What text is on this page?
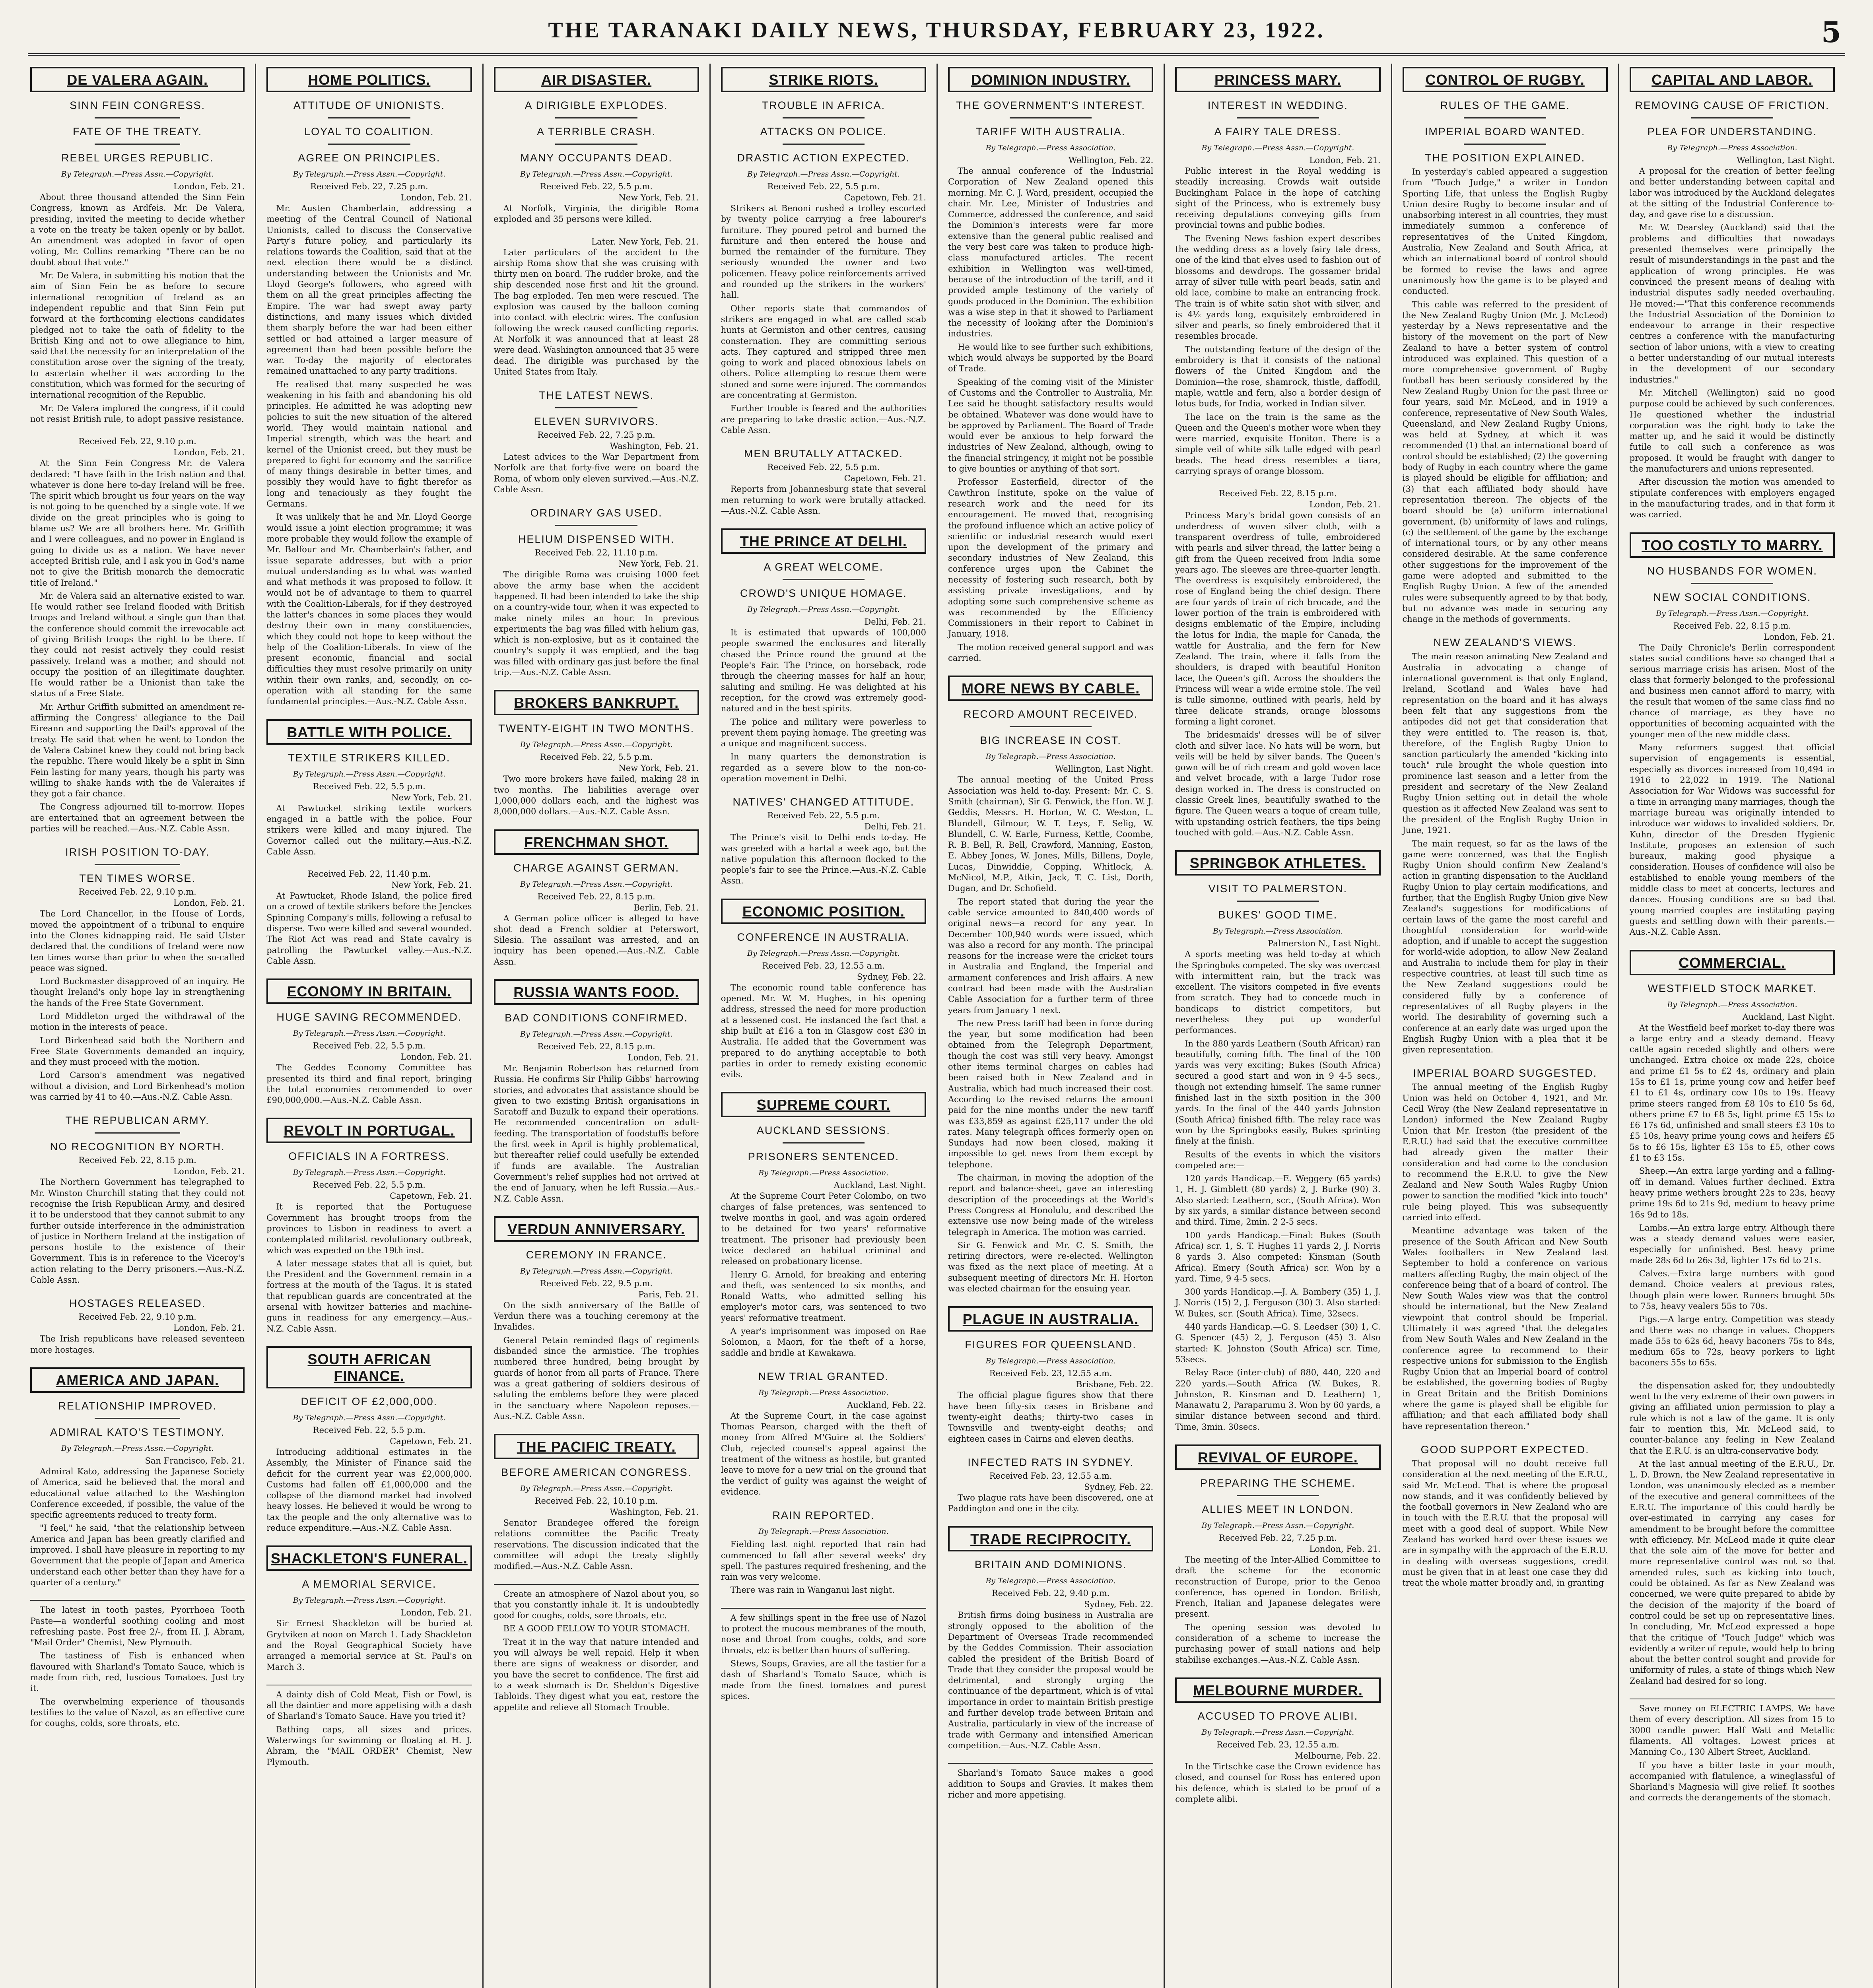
THE TARANAKI DAILY NEWS, THURSDAY, FEBRUARY 23, 1922.	5
DE VALERA AGAIN.
SINN FEIN CONGRESS.
FATE OF THE TREATY.
REBEL URGES REPUBLIC.
By Telegraph.—Press Assn.—Copyright.
London, Feb. 21.

About three thousand attended the Sinn Fein Congress, known as Ardfeis. Mr. De Valera, presiding, invited the meeting to decide whether a vote on the treaty be taken openly or by ballot. An amendment was adopted in favor of open voting, Mr. Collins remarking "There can be no doubt about that vote."

Mr. De Valera, in submitting his motion that the aim of Sinn Fein be as before to secure international recognition of Ireland as an independent republic and that Sinn Fein put forward at the forthcoming elections candidates pledged not to take the oath of fidelity to the British King and not to owe allegiance to him, said that the necessity for an interpretation of the constitution arose over the signing of the treaty, to ascertain whether it was according to the constitution, which was formed for the securing of international recognition of the Republic.

Mr. De Valera implored the congress, if it could not resist British rule, to adopt passive resistance.

Received Feb. 22, 9.10 p.m.
London, Feb. 21.

At the Sinn Fein Congress Mr. de Valera declared: "I have faith in the Irish nation and that whatever is done here to-day Ireland will be free. The spirit which brought us four years on the way is not going to be quenched by a single vote. If we divide on the great principles who is going to blame us? We are all brothers here. Mr. Griffith and I were colleagues, and no power in England is going to divide us as a nation. We have never accepted British rule, and I ask you in God's name not to give the British monarch the democratic title of Ireland."

Mr. de Valera said an alternative existed to war. He would rather see Ireland flooded with British troops and Ireland without a single gun than that the conference should commit the irrevocable act of giving British troops the right to be there. If they could not resist actively they could resist passively. Ireland was a mother, and should not occupy the position of an illegitimate daughter. He would rather be a Unionist than take the status of a Free State.

Mr. Arthur Griffith submitted an amendment re-affirming the Congress' allegiance to the Dail Eireann and supporting the Dail's approval of the treaty. He said that when he went to London the de Valera Cabinet knew they could not bring back the republic. There would likely be a split in Sinn Fein lasting for many years, though his party was willing to shake hands with the de Valeraites if they got a fair chance.

The Congress adjourned till to-morrow. Hopes are entertained that an agreement between the parties will be reached.—Aus.-N.Z. Cable Assn.

IRISH POSITION TO-DAY.
TEN TIMES WORSE.
Received Feb. 22, 9.10 p.m.
London, Feb. 21.

The Lord Chancellor, in the House of Lords, moved the appointment of a tribunal to enquire into the Clones kidnapping raid. He said Ulster declared that the conditions of Ireland were now ten times worse than prior to when the so-called peace was signed.

Lord Buckmaster disapproved of an inquiry. He thought Ireland's only hope lay in strengthening the hands of the Free State Government.

Lord Middleton urged the withdrawal of the motion in the interests of peace.

Lord Birkenhead said both the Northern and Free State Governments demanded an inquiry, and they must proceed with the motion.

Lord Carson's amendment was negatived without a division, and Lord Birkenhead's motion was carried by 41 to 40.—Aus.-N.Z. Cable Assn.

THE REPUBLICAN ARMY.
NO RECOGNITION BY NORTH.
Received Feb. 22, 8.15 p.m.
London, Feb. 21.

The Northern Government has telegraphed to Mr. Winston Churchill stating that they could not recognise the Irish Republican Army, and desired it to be understood that they cannot submit to any further outside interference in the administration of justice in Northern Ireland at the instigation of persons hostile to the existence of their Government. This is in reference to the Viceroy's action relating to the Derry prisoners.—Aus.-N.Z. Cable Assn.

HOSTAGES RELEASED.
Received Feb. 22, 9.10 p.m.
London, Feb. 21.

The Irish republicans have released seventeen more hostages.

AMERICA AND JAPAN.
RELATIONSHIP IMPROVED.
ADMIRAL KATO'S TESTIMONY.
By Telegraph.—Press Assn.—Copyright.
San Francisco, Feb. 21.

Admiral Kato, addressing the Japanese Society of America, said he believed that the moral and educational value attached to the Washington Conference exceeded, if possible, the value of the specific agreements reduced to treaty form.

"I feel," he said, "that the relationship between America and Japan has been greatly clarified and improved. I shall have pleasure in reporting to my Government that the people of Japan and America understand each other better than they have for a quarter of a century."

The latest in tooth pastes, Pyorrhoea Tooth Paste—a wonderful soothing cooling and most refreshing paste. Post free 2/-, from H. J. Abram, "Mail Order" Chemist, New Plymouth.

The tastiness of Fish is enhanced when flavoured with Sharland's Tomato Sauce, which is made from rich, red, luscious Tomatoes. Just try it.

The overwhelming experience of thousands testifies to the value of Nazol, as an effective cure for coughs, colds, sore throats, etc.

HOME POLITICS.
ATTITUDE OF UNIONISTS.
LOYAL TO COALITION.
AGREE ON PRINCIPLES.
By Telegraph.—Press Assn.—Copyright.
Received Feb. 22, 7.25 p.m.
London, Feb. 21.

Mr. Austen Chamberlain, addressing a meeting of the Central Council of National Unionists, called to discuss the Conservative Party's future policy, and particularly its relations towards the Coalition, said that at the next election there would be a distinct understanding between the Unionists and Mr. Lloyd George's followers, who agreed with them on all the great principles affecting the Empire. The war had swept away party distinctions, and many issues which divided them sharply before the war had been either settled or had attained a larger measure of agreement than had been possible before the war. To-day the majority of electorates remained unattached to any party traditions.

He realised that many suspected he was weakening in his faith and abandoning his old principles. He admitted he was adopting new policies to suit the new situation of the altered world. They would maintain national and Imperial strength, which was the heart and kernel of the Unionist creed, but they must be prepared to fight for economy and the sacrifice of many things desirable in better times, and possibly they would have to fight therefor as long and tenaciously as they fought the Germans.

It was unlikely that he and Mr. Lloyd George would issue a joint election programme; it was more probable they would follow the example of Mr. Balfour and Mr. Chamberlain's father, and issue separate addresses, but with a prior mutual understanding as to what was wanted and what methods it was proposed to follow. It would not be of advantage to them to quarrel with the Coalition-Liberals, for if they destroyed the latter's chances in some places they would destroy their own in many constituencies, which they could not hope to keep without the help of the Coalition-Liberals. In view of the present economic, financial and social difficulties they must resolve primarily on unity within their own ranks, and, secondly, on co-operation with all standing for the same fundamental principles.—Aus.-N.Z. Cable Assn.

BATTLE WITH POLICE.
TEXTILE STRIKERS KILLED.
By Telegraph.—Press Assn.—Copyright.
Received Feb. 22, 5.5 p.m.
New York, Feb. 21.

At Pawtucket striking textile workers engaged in a battle with the police. Four strikers were killed and many injured. The Governor called out the military.—Aus.-N.Z. Cable Assn.

Received Feb. 22, 11.40 p.m.
New York, Feb. 21.

At Pawtucket, Rhode Island, the police fired on a crowd of textile strikers before the Jenckes Spinning Company's mills, following a refusal to disperse. Two were killed and several wounded. The Riot Act was read and State cavalry is patrolling the Pawtucket valley.—Aus.-N.Z. Cable Assn.

ECONOMY IN BRITAIN.
HUGE SAVING RECOMMENDED.
By Telegraph.—Press Assn.—Copyright.
Received Feb. 22, 5.5 p.m.
London, Feb. 21.

The Geddes Economy Committee has presented its third and final report, bringing the total economies recommended to over £90,000,000.—Aus.-N.Z. Cable Assn.

REVOLT IN PORTUGAL.
OFFICIALS IN A FORTRESS.
By Telegraph.—Press Assn.—Copyright.
Received Feb. 22, 5.5 p.m.
Capetown, Feb. 21.

It is reported that the Portuguese Government has brought troops from the provinces to Lisbon in readiness to avert a contemplated militarist revolutionary outbreak, which was expected on the 19th inst.

A later message states that all is quiet, but the President and the Government remain in a fortress at the mouth of the Tagus. It is stated that republican guards are concentrated at the arsenal with howitzer batteries and machine-guns in readiness for any emergency.—Aus.-N.Z. Cable Assn.

SOUTH AFRICAN FINANCE.
DEFICIT OF £2,000,000.
By Telegraph.—Press Assn.—Copyright.
Received Feb. 22, 5.5 p.m.
Capetown, Feb. 21.

Introducing additional estimates in the Assembly, the Minister of Finance said the deficit for the current year was £2,000,000. Customs had fallen off £1,000,000 and the collapse of the diamond market had involved heavy losses. He believed it would be wrong to tax the people and the only alternative was to reduce expenditure.—Aus.-N.Z. Cable Assn.

SHACKLETON'S FUNERAL.
A MEMORIAL SERVICE.
By Telegraph.—Press Assn.—Copyright.
London, Feb. 21.

Sir Ernest Shackleton will be buried at Grytviken at noon on March 1. Lady Shackleton and the Royal Geographical Society have arranged a memorial service at St. Paul's on March 3.

A dainty dish of Cold Meat, Fish or Fowl, is all the daintier and more appetising with a dash of Sharland's Tomato Sauce. Have you tried it?

Bathing caps, all sizes and prices. Waterwings for swimming or floating at H. J. Abram, the "MAIL ORDER" Chemist, New Plymouth.

AIR DISASTER.
A DIRIGIBLE EXPLODES.
A TERRIBLE CRASH.
MANY OCCUPANTS DEAD.
By Telegraph.—Press Assn.—Copyright.
Received Feb. 22, 5.5 p.m.
New York, Feb. 21.

At Norfolk, Virginia, the dirigible Roma exploded and 35 persons were killed.

Later. New York, Feb. 21.

Later particulars of the accident to the airship Roma show that she was cruising with thirty men on board. The rudder broke, and the ship descended nose first and hit the ground. The bag exploded. Ten men were rescued. The explosion was caused by the balloon coming into contact with electric wires. The confusion following the wreck caused conflicting reports. At Norfolk it was announced that at least 28 were dead. Washington announced that 35 were dead. The dirigible was purchased by the United States from Italy.

THE LATEST NEWS.
ELEVEN SURVIVORS.
Received Feb. 22, 7.25 p.m.
Washington, Feb. 21.

Latest advices to the War Department from Norfolk are that forty-five were on board the Roma, of whom only eleven survived.—Aus.-N.Z. Cable Assn.

ORDINARY GAS USED.
HELIUM DISPENSED WITH.
Received Feb. 22, 11.10 p.m.
New York, Feb. 21.

The dirigible Roma was cruising 1000 feet above the army base when the accident happened. It had been intended to take the ship on a country-wide tour, when it was expected to make ninety miles an hour. In previous experiments the bag was filled with helium gas, which is non-explosive, but as it contained the country's supply it was emptied, and the bag was filled with ordinary gas just before the final trip.—Aus.-N.Z. Cable Assn.

BROKERS BANKRUPT.
TWENTY-EIGHT IN TWO MONTHS.
By Telegraph.—Press Assn.—Copyright.
Received Feb. 22, 5.5 p.m.
New York, Feb. 21.

Two more brokers have failed, making 28 in two months. The liabilities average over 1,000,000 dollars each, and the highest was 8,000,000 dollars.—Aus.-N.Z. Cable Assn.

FRENCHMAN SHOT.
CHARGE AGAINST GERMAN.
By Telegraph.—Press Assn.—Copyright.
Received Feb. 22, 8.15 p.m.
Berlin, Feb. 21.

A German police officer is alleged to have shot dead a French soldier at Peterswort, Silesia. The assailant was arrested, and an inquiry has been opened.—Aus.-N.Z. Cable Assn.

RUSSIA WANTS FOOD.
BAD CONDITIONS CONFIRMED.
By Telegraph.—Press Assn.—Copyright.
Received Feb. 22, 8.15 p.m.
London, Feb. 21.

Mr. Benjamin Robertson has returned from Russia. He confirms Sir Philip Gibbs' harrowing stories, and advocates that assistance should be given to two existing British organisations in Saratoff and Buzulk to expand their operations. He recommended concentration on adult-feeding. The transportation of foodstuffs before the first week in April is highly problematical, but thereafter relief could usefully be extended if funds are available. The Australian Government's relief supplies had not arrived at the end of January, when he left Russia.—Aus.-N.Z. Cable Assn.

VERDUN ANNIVERSARY.
CEREMONY IN FRANCE.
By Telegraph.—Press Assn.—Copyright.
Received Feb. 22, 9.5 p.m.
Paris, Feb. 21.

On the sixth anniversary of the Battle of Verdun there was a touching ceremony at the Invalides.

General Petain reminded flags of regiments disbanded since the armistice. The trophies numbered three hundred, being brought by guards of honor from all parts of France. There was a great gathering of soldiers desirous of saluting the emblems before they were placed in the sanctuary where Napoleon reposes.—Aus.-N.Z. Cable Assn.

THE PACIFIC TREATY.
BEFORE AMERICAN CONGRESS.
By Telegraph.—Press Assn.—Copyright.
Received Feb. 22, 10.10 p.m.
Washington, Feb. 21.

Senator Brandegee offered the foreign relations committee the Pacific Treaty reservations. The discussion indicated that the committee will adopt the treaty slightly modified.—Aus.-N.Z. Cable Assn.

Create an atmosphere of Nazol about you, so that you constantly inhale it. It is undoubtedly good for coughs, colds, sore throats, etc.

BE A GOOD FELLOW TO YOUR STOMACH.

Treat it in the way that nature intended and you will always be well repaid. Help it when there are signs of weakness or disorder, and you have the secret to confidence. The first aid to a weak stomach is Dr. Sheldon's Digestive Tabloids. They digest what you eat, restore the appetite and relieve all Stomach Trouble.

STRIKE RIOTS.
TROUBLE IN AFRICA.
ATTACKS ON POLICE.
DRASTIC ACTION EXPECTED.
By Telegraph.—Press Assn.—Copyright.
Received Feb. 22, 5.5 p.m.
Capetown, Feb. 21.

Strikers at Benoni rushed a trolley escorted by twenty police carrying a free labourer's furniture. They poured petrol and burned the furniture and then entered the house and burned the remainder of the furniture. They seriously wounded the owner and two policemen. Heavy police reinforcements arrived and rounded up the strikers in the workers' hall.

Other reports state that commandos of strikers are engaged in what are called scab hunts at Germiston and other centres, causing consternation. They are committing serious acts. They captured and stripped three men going to work and placed obnoxious labels on others. Police attempting to rescue them were stoned and some were injured. The commandos are concentrating at Germiston.

Further trouble is feared and the authorities are preparing to take drastic action.—Aus.-N.Z. Cable Assn.

MEN BRUTALLY ATTACKED.
Received Feb. 22, 5.5 p.m.
Capetown, Feb. 21.

Reports from Johannesburg state that several men returning to work were brutally attacked.—Aus.-N.Z. Cable Assn.

THE PRINCE AT DELHI.
A GREAT WELCOME.
CROWD'S UNIQUE HOMAGE.
By Telegraph.—Press Assn.—Copyright.
Delhi, Feb. 21.

It is estimated that upwards of 100,000 people swarmed the enclosures and literally chased the Prince round the ground at the People's Fair. The Prince, on horseback, rode through the cheering masses for half an hour, saluting and smiling. He was delighted at his reception, for the crowd was extremely good-natured and in the best spirits.

The police and military were powerless to prevent them paying homage. The greeting was a unique and magnificent success.

In many quarters the demonstration is regarded as a severe blow to the non-co-operation movement in Delhi.

NATIVES' CHANGED ATTITUDE.
Received Feb. 22, 5.5 p.m.
Delhi, Feb. 21.

The Prince's visit to Delhi ends to-day. He was greeted with a hartal a week ago, but the native population this afternoon flocked to the people's fair to see the Prince.—Aus.-N.Z. Cable Assn.

ECONOMIC POSITION.
CONFERENCE IN AUSTRALIA.
By Telegraph.—Press Assn.—Copyright.
Received Feb. 23, 12.55 a.m.
Sydney, Feb. 22.

The economic round table conference has opened. Mr. W. M. Hughes, in his opening address, stressed the need for more production at a lessened cost. He instanced the fact that a ship built at £16 a ton in Glasgow cost £30 in Australia. He added that the Government was prepared to do anything acceptable to both parties in order to remedy existing economic evils.

SUPREME COURT.
AUCKLAND SESSIONS.
PRISONERS SENTENCED.
By Telegraph.—Press Association.
Auckland, Last Night.

At the Supreme Court Peter Colombo, on two charges of false pretences, was sentenced to twelve months in gaol, and was again ordered to be detained for two years' reformative treatment. The prisoner had previously been twice declared an habitual criminal and released on probationary license.

Henry G. Arnold, for breaking and entering and theft, was sentenced to six months, and Ronald Watts, who admitted selling his employer's motor cars, was sentenced to two years' reformative treatment.

A year's imprisonment was imposed on Rae Solomon, a Maori, for the theft of a horse, saddle and bridle at Kawakawa.

NEW TRIAL GRANTED.
By Telegraph.—Press Association.
Auckland, Feb. 22.

At the Supreme Court, in the case against Thomas Pearson, charged with the theft of money from Alfred M'Guire at the Soldiers' Club, rejected counsel's appeal against the treatment of the witness as hostile, but granted leave to move for a new trial on the ground that the verdict of guilty was against the weight of evidence.

RAIN REPORTED.
By Telegraph.—Press Association.

Fielding last night reported that rain had commenced to fall after several weeks' dry spell. The pastures required freshening, and the rain was very welcome.

There was rain in Wanganui last night.

A few shillings spent in the free use of Nazol to protect the mucous membranes of the mouth, nose and throat from coughs, colds, and sore throats, etc is better than hours of suffering.

Stews, Soups, Gravies, are all the tastier for a dash of Sharland's Tomato Sauce, which is made from the finest tomatoes and purest spices.

DOMINION INDUSTRY.
THE GOVERNMENT'S INTEREST.
TARIFF WITH AUSTRALIA.
By Telegraph.—Press Association.
Wellington, Feb. 22.

The annual conference of the Industrial Corporation of New Zealand opened this morning. Mr. C. J. Ward, president, occupied the chair. Mr. Lee, Minister of Industries and Commerce, addressed the conference, and said the Dominion's interests were far more extensive than the general public realised and the very best care was taken to produce high-class manufactured articles. The recent exhibition in Wellington was well-timed, because of the introduction of the tariff, and it provided ample testimony of the variety of goods produced in the Dominion. The exhibition was a wise step in that it showed to Parliament the necessity of looking after the Dominion's industries.

He would like to see further such exhibitions, which would always be supported by the Board of Trade.

Speaking of the coming visit of the Minister of Customs and the Controller to Australia, Mr. Lee said he thought satisfactory results would be obtained. Whatever was done would have to be approved by Parliament. The Board of Trade would ever be anxious to help forward the industries of New Zealand, although, owing to the financial stringency, it might not be possible to give bounties or anything of that sort.

Professor Easterfield, director of the Cawthron Institute, spoke on the value of research work and the need for its encouragement. He moved that, recognising the profound influence which an active policy of scientific or industrial research would exert upon the development of the primary and secondary industries of New Zealand, this conference urges upon the Cabinet the necessity of fostering such research, both by assisting private investigations, and by adopting some such comprehensive scheme as was recommended by the Efficiency Commissioners in their report to Cabinet in January, 1918.

The motion received general support and was carried.

MORE NEWS BY CABLE.
RECORD AMOUNT RECEIVED.
BIG INCREASE IN COST.
By Telegraph.—Press Association.
Wellington, Last Night.

The annual meeting of the United Press Association was held to-day. Present: Mr. C. S. Smith (chairman), Sir G. Fenwick, the Hon. W. J. Geddis, Messrs. H. Horton, W. C. Weston, L. Blundell, Gilmour, W. T. Leys, F. Selig, W. Blundell, C. W. Earle, Furness, Kettle, Coombe, R. B. Bell, R. Bell, Crawford, Manning, Easton, E. Abbey Jones, W. Jones, Mills, Billens, Doyle, Lucas, Dinwiddie, Copping, Whitlock, A. McNicol, M.P., Atkin, Jack, T. C. List, Dorth, Dugan, and Dr. Schofield.

The report stated that during the year the cable service amounted to 840,400 words of original news—a record for any year. In December 100,940 words were issued, which was also a record for any month. The principal reasons for the increase were the cricket tours in Australia and England, the Imperial and armament conferences and Irish affairs. A new contract had been made with the Australian Cable Association for a further term of three years from January 1 next.

The new Press tariff had been in force during the year, but some modification had been obtained from the Telegraph Department, though the cost was still very heavy. Amongst other items terminal charges on cables had been raised both in New Zealand and in Australia, which had much increased their cost. According to the revised returns the amount paid for the nine months under the new tariff was £33,859 as against £25,117 under the old rates. Many telegraph offices formerly open on Sundays had now been closed, making it impossible to get news from them except by telephone.

The chairman, in moving the adoption of the report and balance-sheet, gave an interesting description of the proceedings at the World's Press Congress at Honolulu, and described the extensive use now being made of the wireless telegraph in America. The motion was carried.

Sir G. Fenwick and Mr. C. S. Smith, the retiring directors, were re-elected. Wellington was fixed as the next place of meeting. At a subsequent meeting of directors Mr. H. Horton was elected chairman for the ensuing year.

PLAGUE IN AUSTRALIA.
FIGURES FOR QUEENSLAND.
By Telegraph.—Press Association.
Received Feb. 23, 12.55 a.m.
Brisbane, Feb. 22.

The official plague figures show that there have been fifty-six cases in Brisbane and twenty-eight deaths; thirty-two cases in Townsville and twenty-eight deaths; and eighteen cases in Cairns and eleven deaths.

INFECTED RATS IN SYDNEY.
Received Feb. 23, 12.55 a.m.
Sydney, Feb. 22.

Two plague rats have been discovered, one at Paddington and one in the city.

TRADE RECIPROCITY.
BRITAIN AND DOMINIONS.
By Telegraph.—Press Association.
Received Feb. 22, 9.40 p.m.
Sydney, Feb. 22.

British firms doing business in Australia are strongly opposed to the abolition of the Department of Overseas Trade recommended by the Geddes Commission. Their association cabled the president of the British Board of Trade that they consider the proposal would be detrimental, and strongly urging the continuance of the department, which is of vital importance in order to maintain British prestige and further develop trade between Britain and Australia, particularly in view of the increase of trade with Germany and intensified American competition.—Aus.-N.Z. Cable Assn.

Sharland's Tomato Sauce makes a good addition to Soups and Gravies. It makes them richer and more appetising.

PRINCESS MARY.
INTEREST IN WEDDING.
A FAIRY TALE DRESS.
By Telegraph.—Press Assn.—Copyright.
London, Feb. 21.

Public interest in the Royal wedding is steadily increasing. Crowds wait outside Buckingham Palace in the hope of catching sight of the Princess, who is extremely busy receiving deputations conveying gifts from provincial towns and public bodies.

The Evening News fashion expert describes the wedding dress as a lovely fairy tale dress, one of the kind that elves used to fashion out of blossoms and dewdrops. The gossamer bridal array of silver tulle with pearl beads, satin and old lace, combine to make an entrancing frock. The train is of white satin shot with silver, and is 4½ yards long, exquisitely embroidered in silver and pearls, so finely embroidered that it resembles brocade.

The outstanding feature of the design of the embroidery is that it consists of the national flowers of the United Kingdom and the Dominion—the rose, shamrock, thistle, daffodil, maple, wattle and fern, also a border design of lotus buds, for India, worked in Indian silver.

The lace on the train is the same as the Queen and the Queen's mother wore when they were married, exquisite Honiton. There is a simple veil of white silk tulle edged with pearl beads. The head dress resembles a tiara, carrying sprays of orange blossom.

Received Feb. 22, 8.15 p.m.
London, Feb. 21.

Princess Mary's bridal gown consists of an underdress of woven silver cloth, with a transparent overdress of tulle, embroidered with pearls and silver thread, the latter being a gift from the Queen received from India some years ago. The sleeves are three-quarter length. The overdress is exquisitely embroidered, the rose of England being the chief design. There are four yards of train of rich brocade, and the lower portion of the train is embroidered with designs emblematic of the Empire, including the lotus for India, the maple for Canada, the wattle for Australia, and the fern for New Zealand. The train, where it falls from the shoulders, is draped with beautiful Honiton lace, the Queen's gift. Across the shoulders the Princess will wear a wide ermine stole. The veil is tulle simonne, outlined with pearls, held by three delicate strands, orange blossoms forming a light coronet.

The bridesmaids' dresses will be of silver cloth and silver lace. No hats will be worn, but veils will be held by silver bands. The Queen's gown will be of rich cream and gold woven lace and velvet brocade, with a large Tudor rose design worked in. The dress is constructed on classic Greek lines, beautifully swathed to the figure. The Queen wears a toque of cream tulle, with upstanding ostrich feathers, the tips being touched with gold.—Aus.-N.Z. Cable Assn.

SPRINGBOK ATHLETES.
VISIT TO PALMERSTON.
BUKES' GOOD TIME.
By Telegraph.—Press Association.
Palmerston N., Last Night.

A sports meeting was held to-day at which the Springboks competed. The sky was overcast with intermittent rain, but the track was excellent. The visitors competed in five events from scratch. They had to concede much in handicaps to district competitors, but nevertheless they put up wonderful performances.

In the 880 yards Leathern (South African) ran beautifully, coming fifth. The final of the 100 yards was very exciting; Bukes (South Africa) secured a good start and won in 9 4-5 secs., though not extending himself. The same runner finished last in the sixth position in the 300 yards. In the final of the 440 yards Johnston (South Africa) finished fifth. The relay race was won by the Springboks easily, Bukes sprinting finely at the finish.

Results of the events in which the visitors competed are:—

120 yards Handicap.—E. Weggery (65 yards) 1, H. J. Gimblett (80 yards) 2, J. Burke (90) 3. Also started: Leathern, scr., (South Africa). Won by six yards, a similar distance between second and third. Time, 2min. 2 2-5 secs.

100 yards Handicap.—Final: Bukes (South Africa) scr. 1, S. T. Hughes 11 yards 2, J. Norris 8 yards 3. Also competed: Kinsman (South Africa). Emery (South Africa) scr. Won by a yard. Time, 9 4-5 secs.

300 yards Handicap.—J. A. Bambery (35) 1, J. J. Norris (15) 2, J. Ferguson (30) 3. Also started: W. Bukes, scr. (South Africa). Time, 32secs.

440 yards Handicap.—G. S. Leedser (30) 1, C. G. Spencer (45) 2, J. Ferguson (45) 3. Also started: K. Johnston (South Africa) scr. Time, 53secs.

Relay Race (inter-club) of 880, 440, 220 and 220 yards.—South Africa (W. Bukes, R. Johnston, R. Kinsman and D. Leathern) 1, Manawatu 2, Paraparumu 3. Won by 60 yards, a similar distance between second and third. Time, 3min. 30secs.

REVIVAL OF EUROPE.
PREPARING THE SCHEME.
ALLIES MEET IN LONDON.
By Telegraph.—Press Assn.—Copyright.
Received Feb. 22, 7.25 p.m.
London, Feb. 21.

The meeting of the Inter-Allied Committee to draft the scheme for the economic reconstruction of Europe, prior to the Genoa conference, has opened in London. British, French, Italian and Japanese delegates were present.

The opening session was devoted to consideration of a scheme to increase the purchasing power of small nations and help stabilise exchanges.—Aus.-N.Z. Cable Assn.

MELBOURNE MURDER.
ACCUSED TO PROVE ALIBI.
By Telegraph.—Press Assn.—Copyright.
Received Feb. 23, 12.55 a.m.
Melbourne, Feb. 22.

In the Tirtschke case the Crown evidence has closed, and counsel for Ross has entered upon his defence, which is stated to be proof of a complete alibi.

CONTROL OF RUGBY.
RULES OF THE GAME.
IMPERIAL BOARD WANTED.
THE POSITION EXPLAINED.

In yesterday's cabled appeared a suggestion from "Touch Judge," a writer in London Sporting Life, that unless the English Rugby Union desire Rugby to become insular and of unabsorbing interest in all countries, they must immediately summon a conference of representatives of the United Kingdom, Australia, New Zealand and South Africa, at which an international board of control should be formed to revise the laws and agree unanimously how the game is to be played and conducted.

This cable was referred to the president of the New Zealand Rugby Union (Mr. J. McLeod) yesterday by a News representative and the history of the movement on the part of New Zealand to have a better system of control introduced was explained. This question of a more comprehensive government of Rugby football has been seriously considered by the New Zealand Rugby Union for the past three or four years, said Mr. McLeod, and in 1919 a conference, representative of New South Wales, Queensland, and New Zealand Rugby Unions, was held at Sydney, at which it was recommended (1) that an international board of control should be established; (2) the governing body of Rugby in each country where the game is played should be eligible for affiliation; and (3) that each affiliated body should have representation thereon. The objects of the board should be (a) uniform international government, (b) uniformity of laws and rulings, (c) the settlement of the game by the exchange of international tours, or by any other means considered desirable. At the same conference other suggestions for the improvement of the game were adopted and submitted to the English Rugby Union. A few of the amended rules were subsequently agreed to by that body, but no advance was made in securing any change in the methods of governments.

NEW ZEALAND'S VIEWS.

The main reason animating New Zealand and Australia in advocating a change of international government is that only England, Ireland, Scotland and Wales have had representation on the board and it has always been felt that any suggestions from the antipodes did not get that consideration that they were entitled to. The reason is, that, therefore, of the English Rugby Union to sanction particularly the amended "kicking into touch" rule brought the whole question into prominence last season and a letter from the president and secretary of the New Zealand Rugby Union setting out in detail the whole question as it affected New Zealand was sent to the president of the English Rugby Union in June, 1921.

The main request, so far as the laws of the game were concerned, was that the English Rugby Union should confirm New Zealand's action in granting dispensation to the Auckland Rugby Union to play certain modifications, and further, that the English Rugby Union give New Zealand's suggestions for modifications of certain laws of the game the most careful and thoughtful consideration for world-wide adoption, and if unable to accept the suggestion for world-wide adoption, to allow New Zealand and Australia to include them for play in their respective countries, at least till such time as the New Zealand suggestions could be considered fully by a conference of representatives of all Rugby players in the world. The desirability of governing such a conference at an early date was urged upon the English Rugby Union with a plea that it be given representation.

IMPERIAL BOARD SUGGESTED.

The annual meeting of the English Rugby Union was held on October 4, 1921, and Mr. Cecil Wray (the New Zealand representative in London) informed the New Zealand Rugby Union that Mr. Ireston (the president of the E.R.U.) had said that the executive committee had already given the matter their consideration and had come to the conclusion to recommend the E.R.U. to give the New Zealand and New South Wales Rugby Union power to sanction the modified "kick into touch" rule being played. This was subsequently carried into effect.

Meantime advantage was taken of the presence of the South African and New South Wales footballers in New Zealand last September to hold a conference on various matters affecting Rugby, the main object of the conference being that of a board of control. The New South Wales view was that the control should be international, but the New Zealand viewpoint that control should be Imperial. Ultimately it was agreed "that the delegates from New South Wales and New Zealand in the conference agree to recommend to their respective unions for submission to the English Rugby Union that an Imperial board of control be established, the governing bodies of Rugby in Great Britain and the British Dominions where the game is played shall be eligible for affiliation; and that each affiliated body shall have representation thereon."

GOOD SUPPORT EXPECTED.

That proposal will no doubt receive full consideration at the next meeting of the E.R.U., said Mr. McLeod. That is where the proposal now stands, and it was confidently believed by the football governors in New Zealand who are in touch with the E.R.U. that the proposal will meet with a good deal of support. While New Zealand has worked hard over these issues we are in sympathy with the approach of the E.R.U. in dealing with overseas suggestions, credit must be given that in at least one case they did treat the whole matter broadly and, in granting

CAPITAL AND LABOR.
REMOVING CAUSE OF FRICTION.
PLEA FOR UNDERSTANDING.
By Telegraph.—Press Association.
Wellington, Last Night.

A proposal for the creation of better feeling and better understanding between capital and labor was introduced by the Auckland delegates at the sitting of the Industrial Conference to-day, and gave rise to a discussion.

Mr. W. Dearsley (Auckland) said that the problems and difficulties that nowadays presented themselves were principally the result of misunderstandings in the past and the application of wrong principles. He was convinced the present means of dealing with industrial disputes sadly needed overhauling. He moved:—"That this conference recommends the Industrial Association of the Dominion to endeavour to arrange in their respective centres a conference with the manufacturing section of labor unions, with a view to creating a better understanding of our mutual interests in the development of our secondary industries."

Mr. Mitchell (Wellington) said no good purpose could be achieved by such conferences. He questioned whether the industrial corporation was the right body to take the matter up, and he said it would be distinctly futile to call such a conference as was proposed. It would be fraught with danger to the manufacturers and unions represented.

After discussion the motion was amended to stipulate conferences with employers engaged in the manufacturing trades, and in that form it was carried.

TOO COSTLY TO MARRY.
NO HUSBANDS FOR WOMEN.
NEW SOCIAL CONDITIONS.
By Telegraph.—Press Assn.—Copyright.
Received Feb. 22, 8.15 p.m.
London, Feb. 21.

The Daily Chronicle's Berlin correspondent states social conditions have so changed that a serious marriage crisis has arisen. Most of the class that formerly belonged to the professional and business men cannot afford to marry, with the result that women of the same class find no chance of marriage, as they have no opportunities of becoming acquainted with the younger men of the new middle class.

Many reformers suggest that official supervision of engagements is essential, especially as divorces increased from 10,494 in 1916 to 22,022 in 1919. The National Association for War Widows was successful for a time in arranging many marriages, though the marriage bureau was originally intended to introduce war widows to invalided soldiers. Dr. Kuhn, director of the Dresden Hygienic Institute, proposes an extension of such bureaux, making good physique a consideration. Houses of confidence will also be established to enable young members of the middle class to meet at concerts, lectures and dances. Housing conditions are so bad that young married couples are instituting paying guests and settling down with their parents.—Aus.-N.Z. Cable Assn.

COMMERCIAL.
WESTFIELD STOCK MARKET.
By Telegraph.—Press Association.
Auckland, Last Night.

At the Westfield beef market to-day there was a large entry and a steady demand. Heavy cattle again receded slightly and others were unchanged. Extra choice ox made 22s, choice and prime £1 5s to £2 4s, ordinary and plain 15s to £1 1s, prime young cow and heifer beef £1 to £1 4s, ordinary cow 10s to 19s. Heavy prime steers ranged from £8 10s to £10 5s 6d, others prime £7 to £8 5s, light prime £5 15s to £6 17s 6d, unfinished and small steers £3 10s to £5 10s, heavy prime young cows and heifers £5 5s to £6 15s, lighter £3 15s to £5, other cows £1 to £3 15s.

Sheep.—An extra large yarding and a falling-off in demand. Values further declined. Extra heavy prime wethers brought 22s to 23s, heavy prime 19s 6d to 21s 9d, medium to heavy prime 16s 9d to 18s.

Lambs.—An extra large entry. Although there was a steady demand values were easier, especially for unfinished. Best heavy prime made 28s 6d to 26s 3d, lighter 17s 6d to 21s.

Calves.—Extra large numbers with good demand. Choice vealers at previous rates, though plain were lower. Runners brought 50s to 75s, heavy vealers 55s to 70s.

Pigs.—A large entry. Competition was steady and there was no change in values. Choppers made 55s to 62s 6d, heavy baconers 75s to 84s, medium 65s to 72s, heavy porkers to light baconers 55s to 65s.

the dispensation asked for, they undoubtedly went to the very extreme of their own powers in giving an affiliated union permission to play a rule which is not a law of the game. It is only fair to mention this, Mr. McLeod said, to counter-balance any feeling in New Zealand that the E.R.U. is an ultra-conservative body.

At the last annual meeting of the E.R.U., Dr. L. D. Brown, the New Zealand representative in London, was unanimously elected as a member of the executive and general committees of the E.R.U. The importance of this could hardly be over-estimated in carrying any cases for amendment to be brought before the committee with efficiency. Mr. McLeod made it quite clear that the sole aim of the move for better and more representative control was not so that amended rules, such as kicking into touch, could be obtained. As far as New Zealand was concerned, we were quite prepared to abide by the decision of the majority if the board of control could be set up on representative lines. In concluding, Mr. McLeod expressed a hope that the critique of "Touch Judge" which was evidently a writer of repute, would help to bring about the better control sought and provide for uniformity of rules, a state of things which New Zealand had desired for so long.

Save money on ELECTRIC LAMPS. We have them of every description. All sizes from 15 to 3000 candle power. Half Watt and Metallic filaments. All voltages. Lowest prices at Manning Co., 130 Albert Street, Auckland.

If you have a bitter taste in your mouth, accompanied with flatulence, a wineglassful of Sharland's Magnesia will give relief. It soothes and corrects the derangements of the stomach.
